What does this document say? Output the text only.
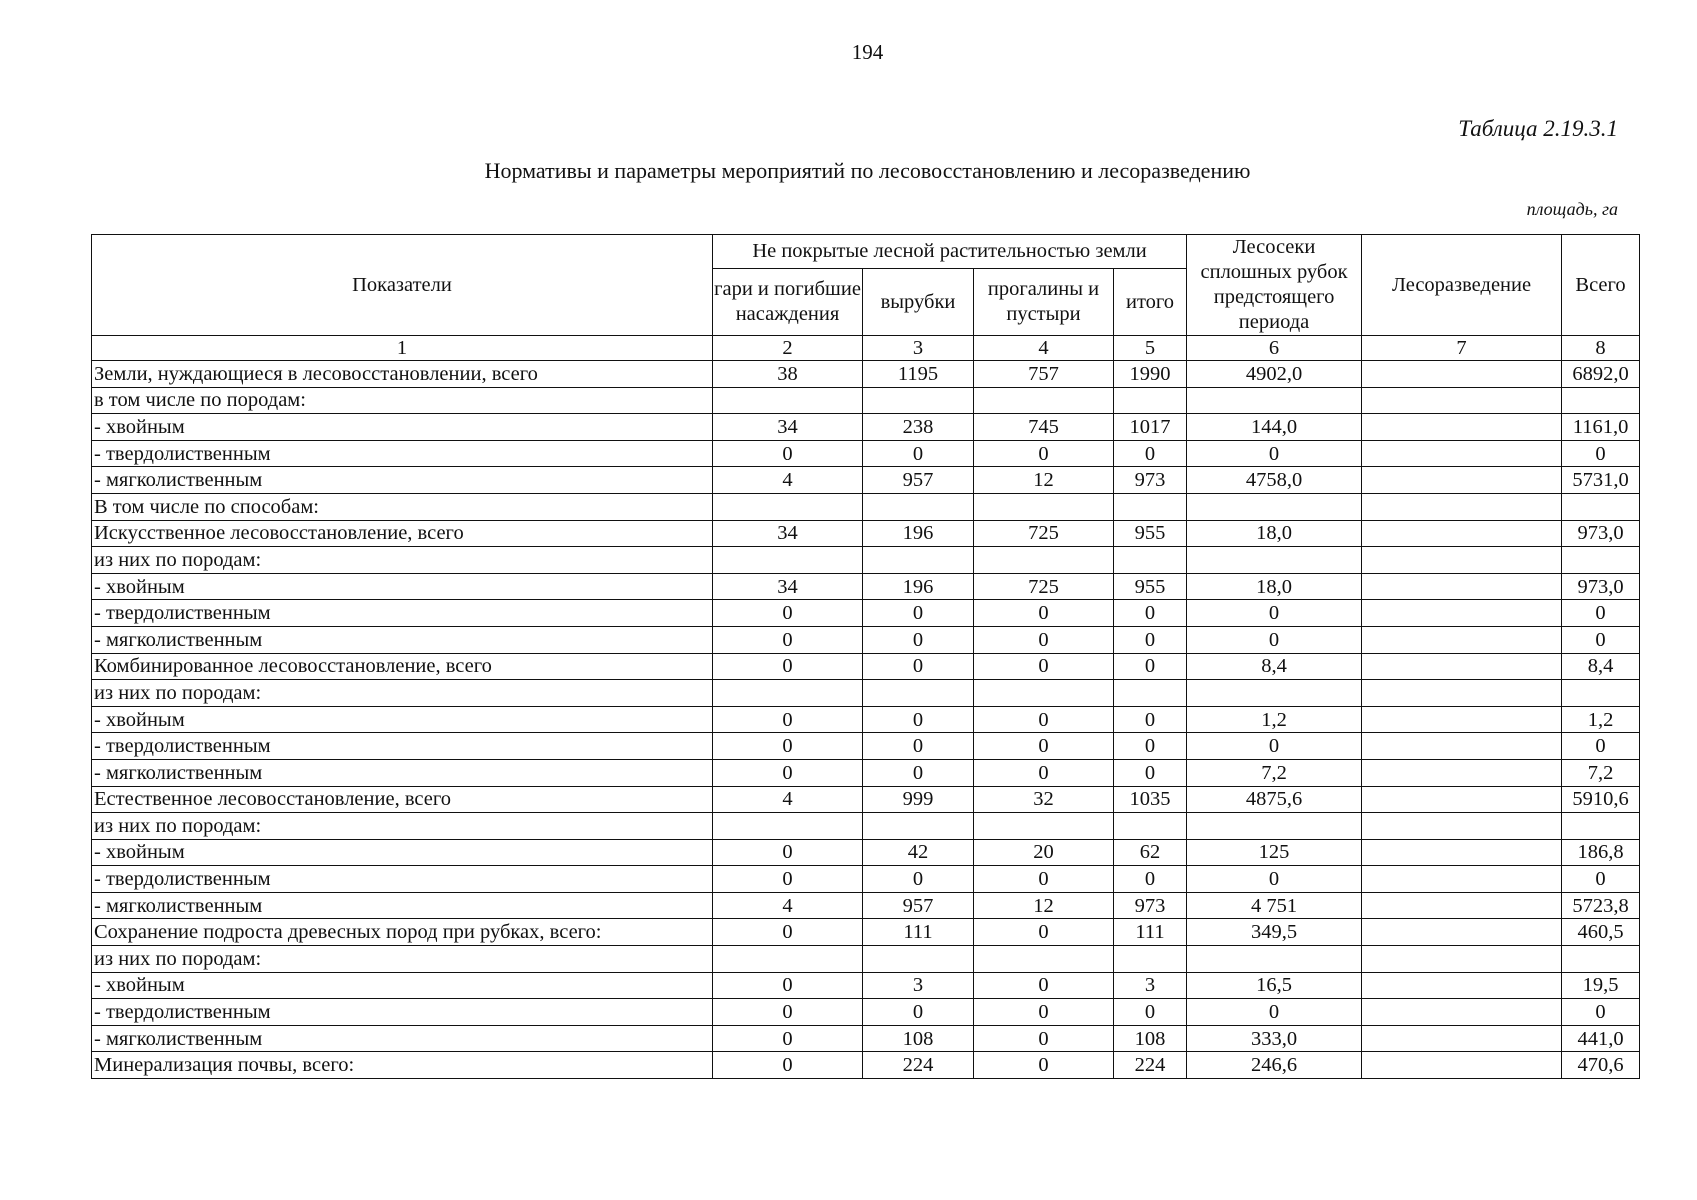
194
Таблица 2.19.3.1
Нормативы и параметры мероприятий по лесовосстановлению и лесоразведению
площадь, га
Показатели	Не покрытые лесной растительностью земли				Лесосеки сплошных рубок предстоящего периода	Лесоразведение	Всего
	гари и погибшие насаждения	вырубки	прогалины и пустыри	итого			
1	2	3	4	5	6	7	8
Земли, нуждающиеся в лесовосстановлении, всего	38	1195	757	1990	4902,0		6892,0
в том числе по породам:							
- хвойным	34	238	745	1017	144,0		1161,0
- твердолиственным	0	0	0	0	0		0
- мягколиственным	4	957	12	973	4758,0		5731,0
В том числе по способам:							
Искусственное лесовосстановление, всего	34	196	725	955	18,0		973,0
из них по породам:							
- хвойным	34	196	725	955	18,0		973,0
- твердолиственным	0	0	0	0	0		0
- мягколиственным	0	0	0	0	0		0
Комбинированное лесовосстановление, всего	0	0	0	0	8,4		8,4
из них по породам:							
- хвойным	0	0	0	0	1,2		1,2
- твердолиственным	0	0	0	0	0		0
- мягколиственным	0	0	0	0	7,2		7,2
Естественное лесовосстановление, всего	4	999	32	1035	4875,6		5910,6
из них по породам:							
- хвойным	0	42	20	62	125		186,8
- твердолиственным	0	0	0	0	0		0
- мягколиственным	4	957	12	973	4 751		5723,8
Сохранение подроста древесных пород при рубках, всего:	0	111	0	111	349,5		460,5
из них по породам:							
- хвойным	0	3	0	3	16,5		19,5
- твердолиственным	0	0	0	0	0		0
- мягколиственным	0	108	0	108	333,0		441,0
Минерализация почвы, всего:	0	224	0	224	246,6		470,6
